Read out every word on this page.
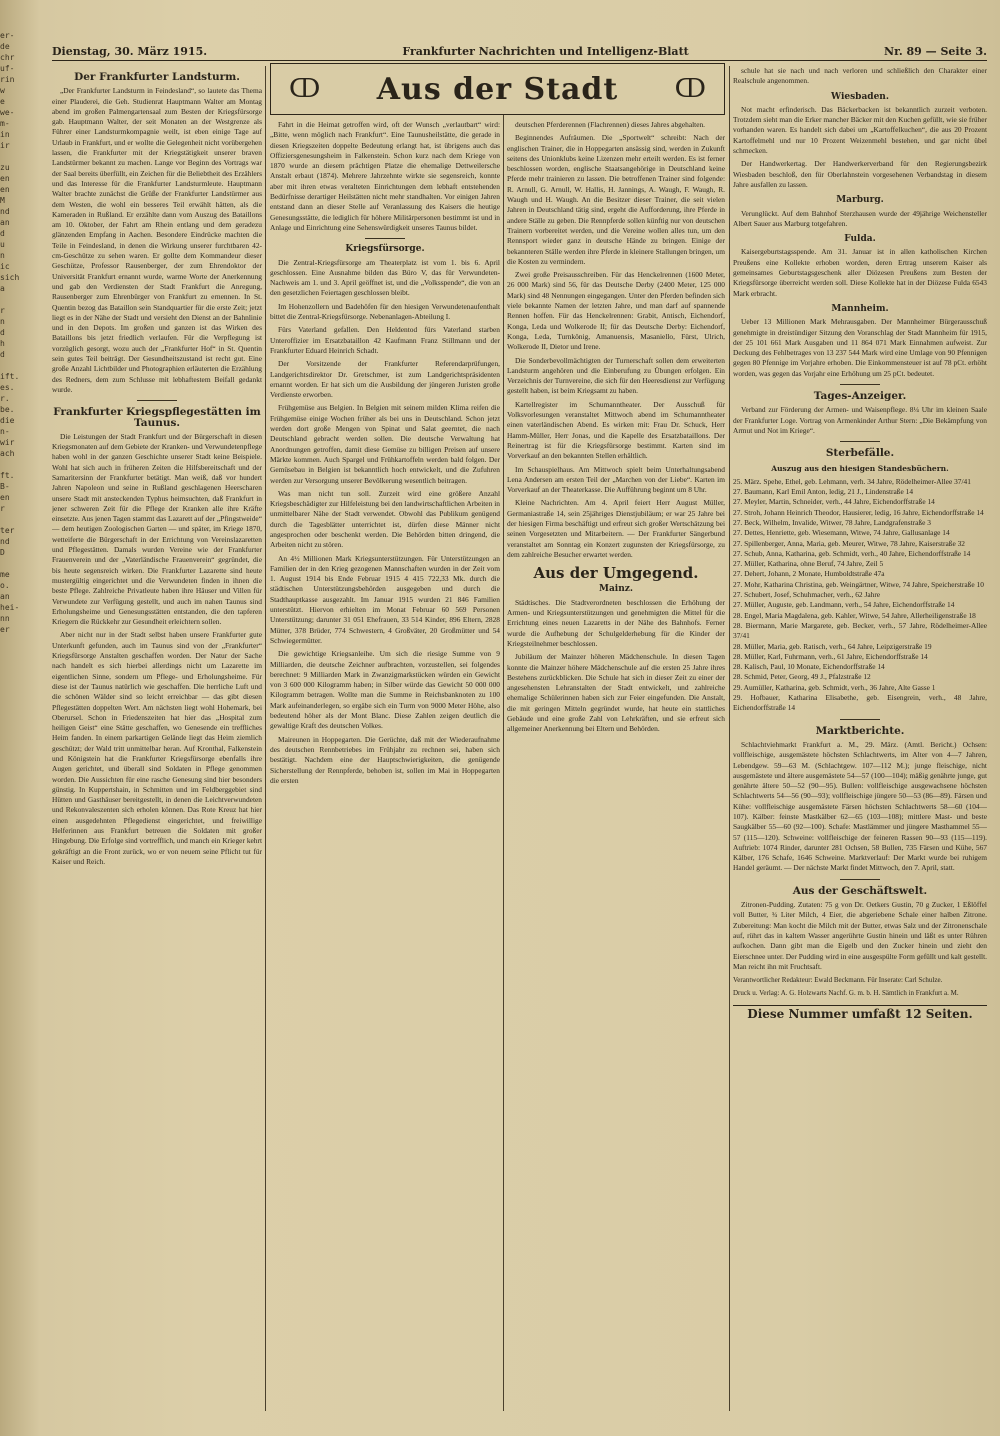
er-
de
chr
uf-
rin
w
e
we-
m-
in
ir

zu
en
en
M
nd
an
d
u
n
ic
sich
a

r
n
d
h
d

ift.
es.
r.
be.
die
n-
wir
ach

ft.
B-
en
r

ter
nd
D

me
o.
an
hei-
nn
er
Dienstag, 30. März 1915.	Frankfurter Nachrichten und Intelligenz-Blatt	Nr. 89 — Seite 3.
Der Frankfurter Landsturm.

„Der Frankfurter Landsturm in Feindesland“, so lautete das Thema einer Plauderei, die Geh. Studienrat Hauptmann Walter am Montag abend im großen Palmengartensaal zum Besten der Kriegsfürsorge gab. Hauptmann Walter, der seit Monaten an der Westgrenze als Führer einer Landsturmkompagnie weilt, ist eben einige Tage auf Urlaub in Frankfurt, und er wollte die Gelegenheit nicht vorübergehen lassen, die Frankfurter mit der Kriegstätigkeit unserer braven Landstürmer bekannt zu machen. Lange vor Beginn des Vortrags war der Saal bereits überfüllt, ein Zeichen für die Beliebtheit des Erzählers und das Interesse für die Frankfurter Landsturmleute. Hauptmann Walter brachte zunächst die Grüße der Frankfurter Landstürmer aus dem Westen, die wohl ein besseres Teil erwählt hätten, als die Kameraden in Rußland. Er erzählte dann vom Auszug des Bataillons am 10. Oktober, der Fahrt am Rhein entlang und dem geradezu glänzenden Empfang in Aachen. Besondere Eindrücke machten die Teile in Feindesland, in denen die Wirkung unserer furchtbaren 42-cm-Geschütze zu sehen waren. Er gollte dem Kommandeur dieser Geschütze, Professor Rausenberger, der zum Ehrendoktor der Universität Frankfurt ernannt wurde, warme Worte der Anerkennung und gab den Verdiensten der Stadt Frankfurt die Anregung, Rausenberger zum Ehrenbürger von Frankfurt zu ernennen. In St. Quentin bezog das Bataillon sein Standquartier für die erste Zeit; jetzt liegt es in der Nähe der Stadt und versieht den Dienst an der Bahnlinie und in den Depots. Im großen und ganzen ist das Wirken des Bataillons bis jetzt friedlich verlaufen. Für die Verpflegung ist vorzüglich gesorgt, wozu auch der „Frankfurter Hof“ in St. Quentin sein gutes Teil beiträgt. Der Gesundheitszustand ist recht gut. Eine große Anzahl Lichtbilder und Photographien erläuterten die Erzählung des Redners, dem zum Schlusse mit lebhaftestem Beifall gedankt wurde.

Frankfurter Kriegspflegestätten im Taunus.

Die Leistungen der Stadt Frankfurt und der Bürgerschaft in diesen Kriegsmonaten auf dem Gebiete der Kranken- und Verwundetenpflege haben wohl in der ganzen Geschichte unserer Stadt keine Beispiele. Wohl hat sich auch in früheren Zeiten die Hilfsbereitschaft und der Samaritersinn der Frankfurter betätigt. Man weiß, daß vor hundert Jahren Napoleon und seine in Rußland geschlagenen Heerscharen unsere Stadt mit ansteckenden Typhus heimsuchten, daß Frankfurt in jener schweren Zeit für die Pflege der Kranken alle ihre Kräfte einsetzte. Aus jenen Tagen stammt das Lazarett auf der „Pfingstweide“ — dem heutigen Zoologischen Garten — und später, im Kriege 1870, wetteiferte die Bürgerschaft in der Errichtung von Vereinslazaretten und Pflegestätten. Damals wurden Vereine wie der Frankfurter Frauenverein und der „Vaterländische Frauenverein“ gegründet, die bis heute segensreich wirken. Die Frankfurter Lazarette sind heute mustergültig eingerichtet und die Verwundeten finden in ihnen die beste Pflege. Zahlreiche Privatleute haben ihre Häuser und Villen für Verwundete zur Verfügung gestellt, und auch im nahen Taunus sind Erholungsheime und Genesungsstätten entstanden, die den tapferen Kriegern die Rückkehr zur Gesundheit erleichtern sollen.

Aber nicht nur in der Stadt selbst haben unsere Frankfurter gute Unterkunft gefunden, auch im Taunus sind von der „Frankfurter“ Kriegsfürsorge Anstalten geschaffen worden. Der Natur der Sache nach handelt es sich hierbei allerdings nicht um Lazarette im eigentlichen Sinne, sondern um Pflege- und Erholungsheime. Für diese ist der Taunus natürlich wie geschaffen. Die herrliche Luft und die schönen Wälder sind so leicht erreichbar — das gibt diesen Pflegestätten doppelten Wert. Am nächsten liegt wohl Hohemark, bei Oberursel. Schon in Friedenszeiten hat hier das „Hospital zum heiligen Geist“ eine Stätte geschaffen, wo Genesende ein treffliches Heim fanden. In einem parkartigen Gelände liegt das Heim ziemlich geschützt; der Wald tritt unmittelbar heran. Auf Kronthal, Falkenstein und Königstein hat die Frankfurter Kriegsfürsorge ebenfalls ihre Augen gerichtet, und überall sind Soldaten in Pflege genommen worden. Die Aussichten für eine rasche Genesung sind hier besonders günstig. In Kuppertshain, in Schmitten und im Feldberggebiet sind Hütten und Gasthäuser bereitgestellt, in denen die Leichtverwundeten und Rekonvaleszenten sich erholen können. Das Rote Kreuz hat hier einen ausgedehnten Pflegedienst eingerichtet, und freiwillige Helferinnen aus Frankfurt betreuen die Soldaten mit großer Hingebung. Die Erfolge sind vortrefflich, und manch ein Krieger kehrt gekräftigt an die Front zurück, wo er von neuem seine Pflicht tut für Kaiser und Reich.

ↀ	Aus der Stadt	ↀ

Fahrt in die Heimat getroffen wird, oft der Wunsch „verlautbart“ wird: „Bitte, wenn möglich nach Frankfurt“. Eine Taunusheilstätte, die gerade in diesen Kriegszeiten doppelte Bedeutung erlangt hat, ist übrigens auch das Offiziersgenesungsheim in Falkenstein. Schon kurz nach dem Kriege von 1870 wurde an diesem prächtigen Platze die ehemalige Dettweilersche Anstalt erbaut (1874). Mehrere Jahrzehnte wirkte sie segensreich, konnte aber mit ihren etwas veralteten Einrichtungen dem lebhaft entstehenden Bedürfnisse derartiger Heilstätten nicht mehr standhalten. Vor einigen Jahren entstand dann an dieser Stelle auf Veranlassung des Kaisers die heutige Genesungsstätte, die lediglich für höhere Militärpersonen bestimmt ist und in Anlage und Einrichtung eine Sehenswürdigkeit unseres Taunus bildet.

Kriegsfürsorge.

Die Zentral-Kriegsfürsorge am Theaterplatz ist vom 1. bis 6. April geschlossen. Eine Ausnahme bilden das Büro V, das für Verwundeten-Nachweis am 1. und 3. April geöffnet ist, und die „Volksspende“, die von an den gesetzlichen Feiertagen geschlossen bleibt.

Im Hohenzollern und Badehöfen für den hiesigen Verwundetenaufenthalt bittet die Zentral-Kriegsfürsorge. Nebenanlagen-Abteilung I.

Fürs Vaterland gefallen. Den Heldentod fürs Vaterland starben Unteroffizier im Ersatzbataillon 42 Kaufmann Franz Stillmann und der Frankfurter Eduard Heinrich Schadt.

Der Vorsitzende der Frankfurter Referendarprüfungen, Landgerichtsdirektor Dr. Gretschmer, ist zum Landgerichtspräsidenten ernannt worden. Er hat sich um die Ausbildung der jüngeren Juristen große Verdienste erworben.

Frühgemüse aus Belgien. In Belgien mit seinem milden Klima reifen die Frühgemüse einige Wochen früher als bei uns in Deutschland. Schon jetzt werden dort große Mengen von Spinat und Salat geerntet, die nach Deutschland gebracht werden sollen. Die deutsche Verwaltung hat Anordnungen getroffen, damit diese Gemüse zu billigen Preisen auf unsere Märkte kommen. Auch Spargel und Frühkartoffeln werden bald folgen. Der Gemüsebau in Belgien ist bekanntlich hoch entwickelt, und die Zufuhren werden zur Versorgung unserer Bevölkerung wesentlich beitragen.

Was man nicht tun soll. Zurzeit wird eine größere Anzahl Kriegsbeschädigter zur Hilfeleistung bei den landwirtschaftlichen Arbeiten in unmittelbarer Nähe der Stadt verwendet. Obwohl das Publikum genügend durch die Tagesblätter unterrichtet ist, dürfen diese Männer nicht angesprochen oder beschenkt werden. Die Behörden bitten dringend, die Arbeiten nicht zu stören.

An 4½ Millionen Mark Kriegsunterstützungen. Für Unterstützungen an Familien der in den Krieg gezogenen Mannschaften wurden in der Zeit vom 1. August 1914 bis Ende Februar 1915 4 415 722,33 Mk. durch die städtischen Unterstützungsbehörden ausgegeben und durch die Stadthauptkasse ausgezahlt. Im Januar 1915 wurden 21 846 Familien unterstützt. Hiervon erhielten im Monat Februar 60 569 Personen Unterstützung; darunter 31 051 Ehefrauen, 33 514 Kinder, 896 Eltern, 2828 Mütter, 378 Brüder, 774 Schwestern, 4 Großväter, 20 Großmütter und 54 Schwiegermütter.

Die gewichtige Kriegsanleihe. Um sich die riesige Summe von 9 Milliarden, die deutsche Zeichner aufbrachten, vorzustellen, sei folgendes berechnet: 9 Milliarden Mark in Zwanzigmarkstücken würden ein Gewicht von 3 600 000 Kilogramm haben; in Silber würde das Gewicht 50 000 000 Kilogramm betragen. Wollte man die Summe in Reichsbanknoten zu 100 Mark aufeinanderlegen, so ergäbe sich ein Turm von 9000 Meter Höhe, also bedeutend höher als der Mont Blanc. Diese Zahlen zeigen deutlich die gewaltige Kraft des deutschen Volkes.

Maireunen in Hoppegarten. Die Gerüchte, daß mit der Wiederaufnahme des deutschen Rennbetriebes im Frühjahr zu rechnen sei, haben sich bestätigt. Nachdem eine der Hauptschwierigkeiten, die genügende Sicherstellung der Rennpferde, behoben ist, sollen im Mai in Hoppegarten die ersten

deutschen Pferderennen (Flachrennen) dieses Jahres abgehalten.

Beginnendes Aufräumen. Die „Sportwelt“ schreibt: Nach der englischen Trainer, die in Hoppegarten ansässig sind, werden in Zukunft seitens des Unionklubs keine Lizenzen mehr erteilt werden. Es ist ferner beschlossen worden, englische Staatsangehörige in Deutschland keine Pferde mehr trainieren zu lassen. Die betroffenen Trainer sind folgende: R. Arnull, G. Arnull, W. Hallis, H. Jannings, A. Waugh, F. Waugh, R. Waugh und H. Waugh. An die Besitzer dieser Trainer, die seit vielen Jahren in Deutschland tätig sind, ergeht die Aufforderung, ihre Pferde in andere Ställe zu geben. Die Rennpferde sollen künftig nur von deutschen Trainern vorbereitet werden, und die Vereine wollen alles tun, um den Rennsport wieder ganz in deutsche Hände zu bringen. Einige der bekannteren Ställe werden ihre Pferde in kleinere Stallungen bringen, um die Kosten zu vermindern.

Zwei große Preisausschreiben. Für das Henckelrennen (1600 Meter, 26 000 Mark) sind 56, für das Deutsche Derby (2400 Meter, 125 000 Mark) sind 48 Nennungen eingegangen. Unter den Pferden befinden sich viele bekannte Namen der letzten Jahre, und man darf auf spannende Rennen hoffen. Für das Henckelrennen: Grabit, Antisch, Eichendorf, Konga, Leda und Wolkerode II; für das Deutsche Derby: Eichendorf, Konga, Leda, Turnkönig, Amanuensis, Masaniello, Fürst, Ulrich, Wolkerode II, Dietor und Irene.

Die Sonderbevollmächtigten der Turnerschaft sollen dem erweiterten Landsturm angehören und die Einberufung zu Übungen erfolgen. Ein Verzeichnis der Turnvereine, die sich für den Heeresdienst zur Verfügung gestellt haben, ist beim Kriegsamt zu haben.

Kartellregister im Schumanntheater. Der Ausschuß für Volksvorlesungen veranstaltet Mittwoch abend im Schumanntheater einen vaterländischen Abend. Es wirken mit: Frau Dr. Schuck, Herr Hamm-Müller, Herr Jonas, und die Kapelle des Ersatzbataillons. Der Reinertrag ist für die Kriegsfürsorge bestimmt. Karten sind im Vorverkauf an den bekannten Stellen erhältlich.

Im Schauspielhaus. Am Mittwoch spielt beim Unterhaltungsabend Lena Andersen am ersten Teil der „Marchen von der Liebe“. Karten im Vorverkauf an der Theaterkasse. Die Aufführung beginnt um 8 Uhr.

Kleine Nachrichten. Am 4. April feiert Herr August Müller, Germaniastraße 14, sein 25jähriges Dienstjubiläum; er war 25 Jahre bei der hiesigen Firma beschäftigt und erfreut sich großer Wertschätzung bei seinen Vorgesetzten und Mitarbeitern. — Der Frankfurter Sängerbund veranstaltet am Sonntag ein Konzert zugunsten der Kriegsfürsorge, zu dem zahlreiche Besucher erwartet werden.

Aus der Umgegend.
Mainz.

Städtisches. Die Stadtverordneten beschlossen die Erhöhung der Armen- und Kriegsunterstützungen und genehmigten die Mittel für die Errichtung eines neuen Lazaretts in der Nähe des Bahnhofs. Ferner wurde die Aufhebung der Schulgelderhebung für die Kinder der Kriegsteilnehmer beschlossen.

Jubiläum der Mainzer höheren Mädchenschule. In diesen Tagen konnte die Mainzer höhere Mädchenschule auf die ersten 25 Jahre ihres Bestehens zurückblicken. Die Schule hat sich in dieser Zeit zu einer der angesehensten Lehranstalten der Stadt entwickelt, und zahlreiche ehemalige Schülerinnen haben sich zur Feier eingefunden. Die Anstalt, die mit geringen Mitteln gegründet wurde, hat heute ein stattliches Gebäude und eine große Zahl von Lehrkräften, und sie erfreut sich allgemeiner Anerkennung bei Eltern und Behörden.

schule hat sie nach und nach verloren und schließlich den Charakter einer Realschule angenommen.

Wiesbaden.

Not macht erfinderisch. Das Bäckerbacken ist bekanntlich zurzeit verboten. Trotzdem sieht man die Erker mancher Bäcker mit den Kuchen gefüllt, wie sie früher vorhanden waren. Es handelt sich dabei um „Kartoffelkuchen“, die aus 20 Prozent Kartoffelmehl und nur 10 Prozent Weizenmehl bestehen, und gar nicht übel schmecken.

Der Handwerkertag. Der Handwerkerverband für den Regierungsbezirk Wiesbaden beschloß, den für Oberlahnstein vorgesehenen Verbandstag in diesem Jahre ausfallen zu lassen.

Marburg.

Verunglückt. Auf dem Bahnhof Sterzhausen wurde der 49jährige Weichensteller Albert Sauer aus Marburg totgefahren.

Fulda.

Kaisergeburtstagsspende. Am 31. Januar ist in allen katholischen Kirchen Preußens eine Kollekte erhoben worden, deren Ertrag unserem Kaiser als gemeinsames Geburtstagsgeschenk aller Diözesen Preußens zum Besten der Kriegsfürsorge überreicht werden soll. Diese Kollekte hat in der Diözese Fulda 6543 Mark erbracht.

Mannheim.

Ueber 13 Millionen Mark Mehrausgaben. Der Mannheimer Bürgerausschuß genehmigte in dreistündiger Sitzung den Voranschlag der Stadt Mannheim für 1915, der 25 101 661 Mark Ausgaben und 11 864 071 Mark Einnahmen aufweist. Zur Deckung des Fehlbetrages von 13 237 544 Mark wird eine Umlage von 90 Pfennigen gegen 80 Pfennige im Vorjahre erhoben. Die Einkommensteuer ist auf 78 pCt. erhöht worden, was gegen das Vorjahr eine Erhöhung um 25 pCt. bedeutet.

Tages-Anzeiger.

Verband zur Förderung der Armen- und Waisenpflege. 8¼ Uhr im kleinen Saale der Frankfurter Loge. Vortrag von Armenkinder Arthur Stern: „Die Bekämpfung von Armut und Not im Kriege“.

Sterbefälle.
Auszug aus den hiesigen Standesbüchern.

25. März. Spehe, Ethel, geb. Lehmann, verh. 34 Jahre, Rödelheimer-Allee 37/41

27. Baumann, Karl Emil Anton, ledig, 21 J., Lindenstraße 14

27. Meyler, Martin, Schneider, verh., 44 Jahre, Eichendorffstraße 14

27. Stroh, Johann Heinrich Theodor, Hausierer, ledig, 16 Jahre, Eichendorffstraße 14

27. Beck, Wilhelm, Invalide, Witwer, 78 Jahre, Landgrafenstraße 3

27. Dettes, Henriette, geb. Wiesemann, Witwe, 74 Jahre, Gallusanlage 14

27. Spillenberger, Anna, Maria, geb. Meurer, Witwe, 78 Jahre, Kaiserstraße 32

27. Schub, Anna, Katharina, geb. Schmidt, verh., 40 Jahre, Eichendorffstraße 14

27. Müller, Katharina, ohne Beruf, 74 Jahre, Zeil 5

27. Dehert, Johann, 2 Monate, Humboldtstraße 47a

27. Mohr, Katharina Christina, geb. Weingärtner, Witwe, 74 Jahre, Speicherstraße 10

27. Schubert, Josef, Schuhmacher, verh., 62 Jahre

27. Müller, Auguste, geb. Landmann, verh., 54 Jahre, Eichendorffstraße 14

28. Engel, Maria Magdalena, geb. Kahler, Witwe, 54 Jahre, Allerheiligenstraße 18

28. Biermann, Marie Margarete, geb. Becker, verh., 57 Jahre, Rödelheimer-Allee 37/41

28. Müller, Maria, geb. Ratisch, verh., 64 Jahre, Leipzigerstraße 19

28. Müller, Karl, Fuhrmann, verh., 61 Jahre, Eichendorffstraße 14

28. Kalisch, Paul, 10 Monate, Eichendorffstraße 14

28. Schmid, Peter, Georg, 49 J., Pfalzstraße 12

29. Aumüller, Katharina, geb. Schmidt, verh., 36 Jahre, Alte Gasse 1

29. Hofbauer, Katharina Elisabethe, geb. Eisengrein, verh., 48 Jahre, Eichendorffstraße 14

Marktberichte.

Schlachtviehmarkt Frankfurt a. M., 29. März. (Amtl. Bericht.) Ochsen: vollfleischige, ausgemästete höchsten Schlachtwerts, im Alter von 4—7 Jahren, Lebendgew. 59—63 M. (Schlachtgew. 107—112 M.); junge fleischige, nicht ausgemästete und ältere ausgemästete 54—57 (100—104); mäßig genährte junge, gut genährte ältere 50—52 (90—95). Bullen: vollfleischige ausgewachsene höchsten Schlachtwerts 54—56 (90—93); vollfleischige jüngere 50—53 (86—89). Färsen und Kühe: vollfleischige ausgemästete Färsen höchsten Schlachtwerts 58—60 (104—107). Kälber: feinste Mastkälber 62—65 (103—108); mittlere Mast- und beste Saugkälber 55—60 (92—100). Schafe: Mastlämmer und jüngere Masthammel 55—57 (115—120). Schweine: vollfleischige der feineren Rassen 90—93 (115—119). Auftrieb: 1074 Rinder, darunter 281 Ochsen, 58 Bullen, 735 Färsen und Kühe, 567 Kälber, 176 Schafe, 1646 Schweine. Marktverlauf: Der Markt wurde bei ruhigem Handel geräumt. — Der nächste Markt findet Mittwoch, den 7. April, statt.

Aus der Geschäftswelt.

Zitronen-Pudding. Zutaten: 75 g von Dr. Oetkers Gustin, 70 g Zucker, 1 Eßlöffel voll Butter, ¾ Liter Milch, 4 Eier, die abgeriebene Schale einer halben Zitrone. Zubereitung: Man kocht die Milch mit der Butter, etwas Salz und der Zitronenschale auf, rührt das in kaltem Wasser angerührte Gustin hinein und läßt es unter Rühren aufkochen. Dann gibt man die Eigelb und den Zucker hinein und zieht den Eierschnee unter. Der Pudding wird in eine ausgespülte Form gefüllt und kalt gestellt. Man reicht ihn mit Fruchtsaft.

Verantwortlicher Redakteur: Ewald Beckmann. Für Inserate: Carl Schulze.

Druck u. Verlag: A. G. Holzwarts Nachf. G. m. b. H. Sämtlich in Frankfurt a. M.

Diese Nummer umfaßt 12 Seiten.
